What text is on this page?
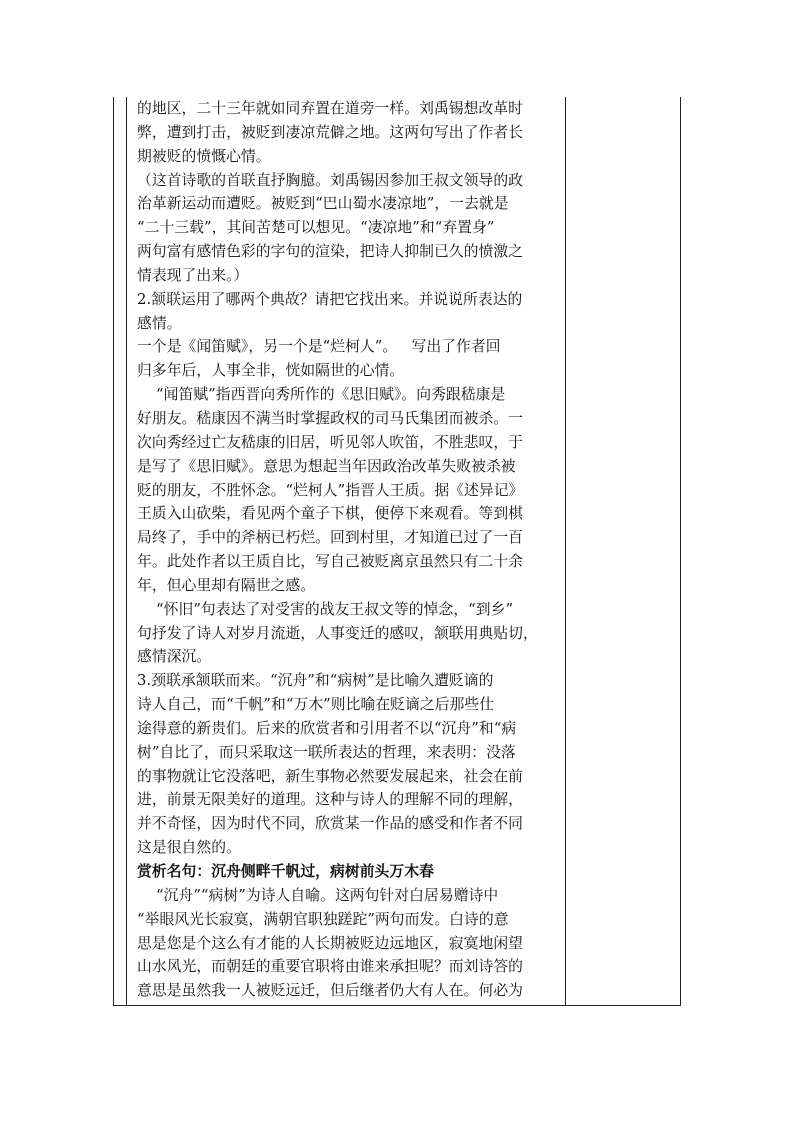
的地区，二十三年就如同弃置在道旁一样。刘禹锡想改革时
弊，遭到打击，被贬到凄凉荒僻之地。这两句写出了作者长
期被贬的愤慨心情。
（这首诗歌的首联直抒胸臆。刘禹锡因参加王叔文领导的政
治革新运动而遭贬。被贬到“巴山蜀水凄凉地”，一去就是
“二十三载”，其间苦楚可以想见。“凄凉地”和“弃置身”
两句富有感情色彩的字句的渲染，把诗人抑制已久的愤激之
情表现了出来。）
2.颔联运用了哪两个典故？请把它找出来。并说说所表达的
感情。
一个是《闻笛赋》，另一个是“烂柯人”。   写出了作者回
归多年后，人事全非，恍如隔世的心情。
“闻笛赋”指西晋向秀所作的《思旧赋》。向秀跟嵇康是
好朋友。嵇康因不满当时掌握政权的司马氏集团而被杀。一
次向秀经过亡友嵇康的旧居，听见邻人吹笛，不胜悲叹，于
是写了《思旧赋》。意思为想起当年因政治改革失败被杀被
贬的朋友，不胜怀念。“烂柯人”指晋人王质。据《述异记》
王质入山砍柴，看见两个童子下棋，便停下来观看。等到棋
局终了，手中的斧柄已朽烂。回到村里，才知道已过了一百
年。此处作者以王质自比，写自己被贬离京虽然只有二十余
年，但心里却有隔世之感。
“怀旧”句表达了对受害的战友王叔文等的悼念，“到乡”
句抒发了诗人对岁月流逝，人事变迁的感叹，颔联用典贴切，
感情深沉。
3.颈联承颔联而来。“沉舟”和“病树”是比喻久遭贬谪的
诗人自己，而“千帆”和“万木”则比喻在贬谪之后那些仕
途得意的新贵们。后来的欣赏者和引用者不以“沉舟”和“病
树”自比了，而只采取这一联所表达的哲理，来表明：没落
的事物就让它没落吧，新生事物必然要发展起来，社会在前
进，前景无限美好的道理。这种与诗人的理解不同的理解，
并不奇怪，因为时代不同，欣赏某一作品的感受和作者不同
这是很自然的。
赏析名句：沉舟侧畔千帆过，病树前头万木春
“沉舟”“病树”为诗人自喻。这两句针对白居易赠诗中
“举眼风光长寂寞，满朝官职独蹉跎”两句而发。白诗的意
思是您是个这么有才能的人长期被贬边远地区，寂寞地闲望
山水风光，而朝廷的重要官职将由谁来承担呢？而刘诗答的
意思是虽然我一人被贬远迁，但后继者仍大有人在。何必为
